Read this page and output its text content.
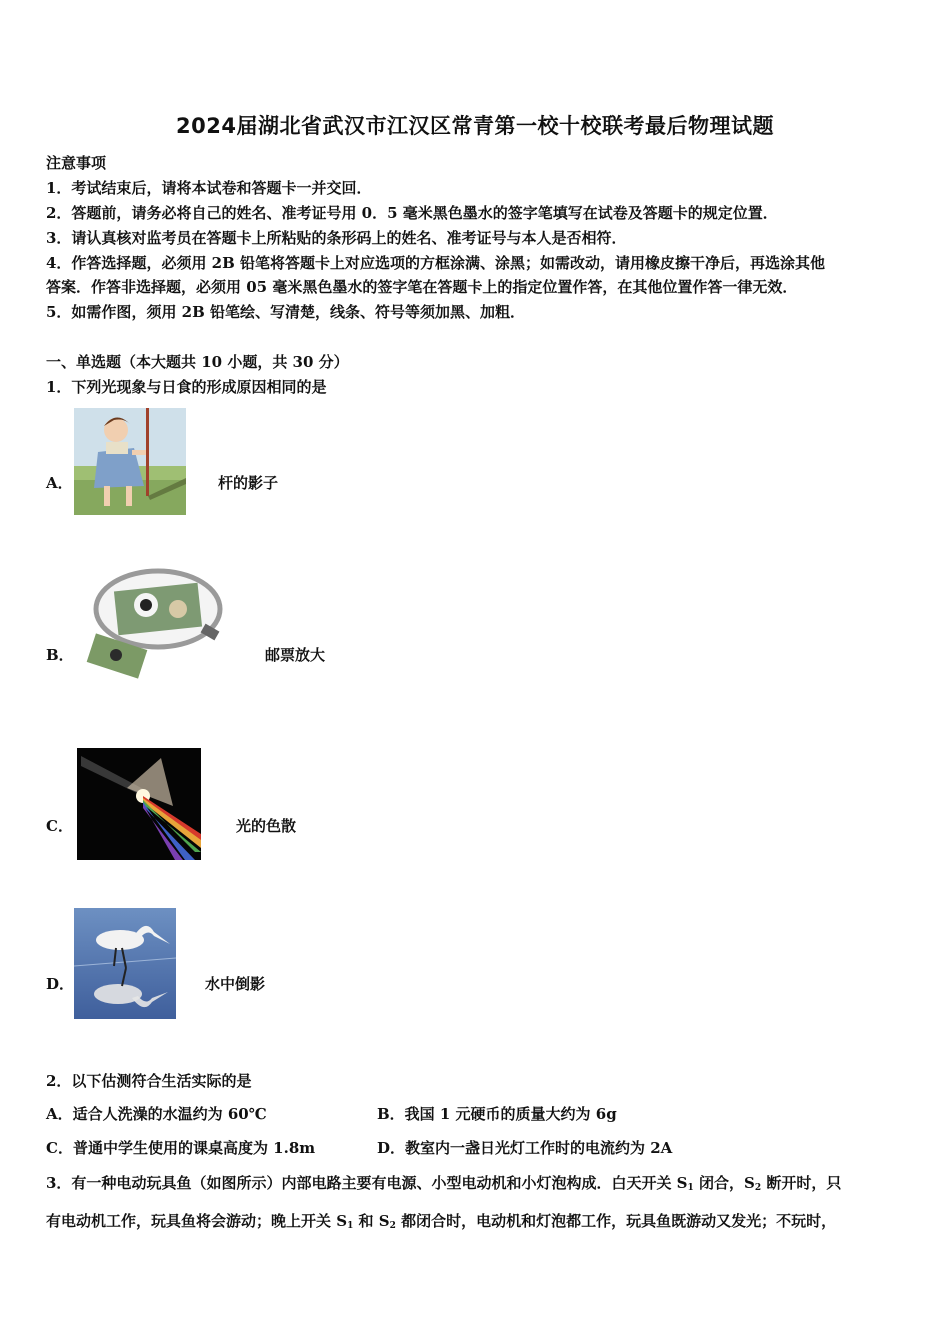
2024届湖北省武汉市江汉区常青第一校十校联考最后物理试题
注意事项
1．考试结束后，请将本试卷和答题卡一并交回．
2．答题前，请务必将自己的姓名、准考证号用 0．5 毫米黑色墨水的签字笔填写在试卷及答题卡的规定位置．
3．请认真核对监考员在答题卡上所粘贴的条形码上的姓名、准考证号与本人是否相符．
4．作答选择题，必须用 2B 铅笔将答题卡上对应选项的方框涂满、涂黑；如需改动，请用橡皮擦干净后，再选涂其他
答案．作答非选择题，必须用 05 毫米黑色墨水的签字笔在答题卡上的指定位置作答，在其他位置作答一律无效．
5．如需作图，须用 2B 铅笔绘、写清楚，线条、符号等须加黑、加粗．
一、单选题（本大题共 10 小题，共 30 分）
1．下列光现象与日食的形成原因相同的是
A．	杆的影子
B．	邮票放大
C．	光的色散
D．	水中倒影
2．以下估测符合生活实际的是
A．适合人洗澡的水温约为 60℃	B．我国 1 元硬币的质量大约为 6g
C．普通中学生使用的课桌高度为 1.8m	D．教室内一盏日光灯工作时的电流约为 2A
3．有一种电动玩具鱼（如图所示）内部电路主要有电源、小型电动机和小灯泡构成．白天开关 $S_1$ 闭合，$S_2$ 断开时，只
有电动机工作，玩具鱼将会游动；晚上开关 $S_1$ 和 $S_2$ 都闭合时，电动机和灯泡都工作，玩具鱼既游动又发光；不玩时，
